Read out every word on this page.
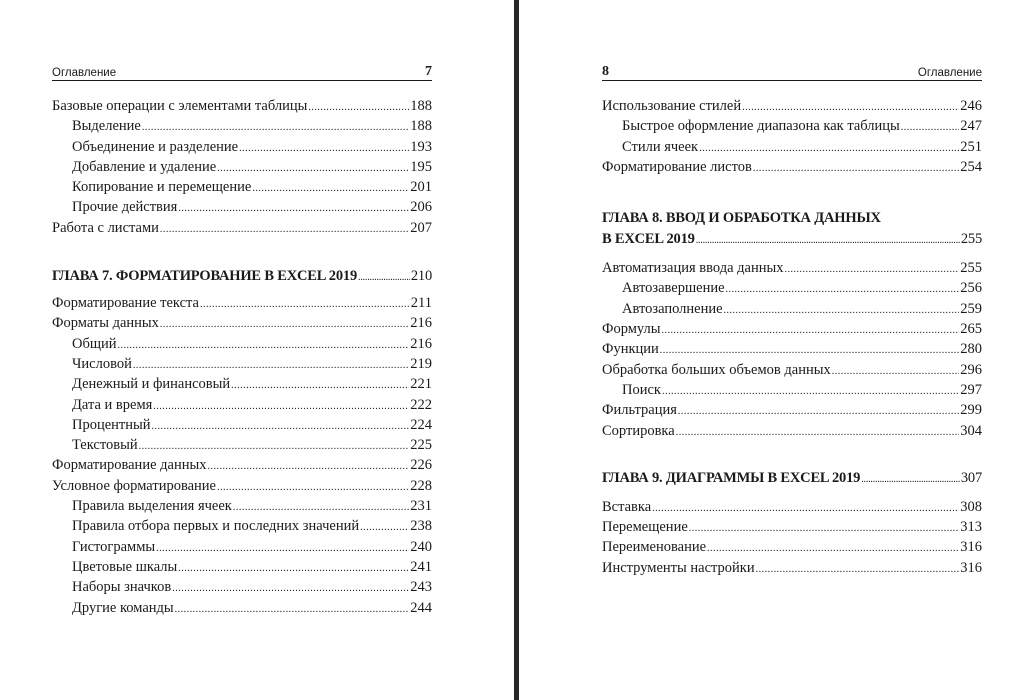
Оглавление	7
Базовые операции с элементами таблицы .....	188
Выделение .....	188
Объединение и разделение .....	193
Добавление и удаление .....	195
Копирование и перемещение .....	201
Прочие действия .....	206
Работа с листами .....	207
ГЛАВА 7. ФОРМАТИРОВАНИЕ В EXCEL 2019 .....	210
Форматирование текста .....	211
Форматы данных .....	216
Общий .....	216
Числовой .....	219
Денежный и финансовый .....	221
Дата и время .....	222
Процентный .....	224
Текстовый .....	225
Форматирование данных .....	226
Условное форматирование .....	228
Правила выделения ячеек .....	231
Правила отбора первых и последних значений .....	238
Гистограммы .....	240
Цветовые шкалы .....	241
Наборы значков .....	243
Другие команды .....	244
8	Оглавление
Использование стилей .....	246
Быстрое оформление диапазона как таблицы .....	247
Стили ячеек .....	251
Форматирование листов .....	254
ГЛАВА 8. ВВОД И ОБРАБОТКА ДАННЫХ
В EXCEL 2019 .....	255
Автоматизация ввода данных .....	255
Автозавершение .....	256
Автозаполнение .....	259
Формулы .....	265
Функции .....	280
Обработка больших объемов данных .....	296
Поиск .....	297
Фильтрация .....	299
Сортировка .....	304
ГЛАВА 9. ДИАГРАММЫ В EXCEL 2019 .....	307
Вставка .....	308
Перемещение .....	313
Переименование .....	316
Инструменты настройки .....	316
